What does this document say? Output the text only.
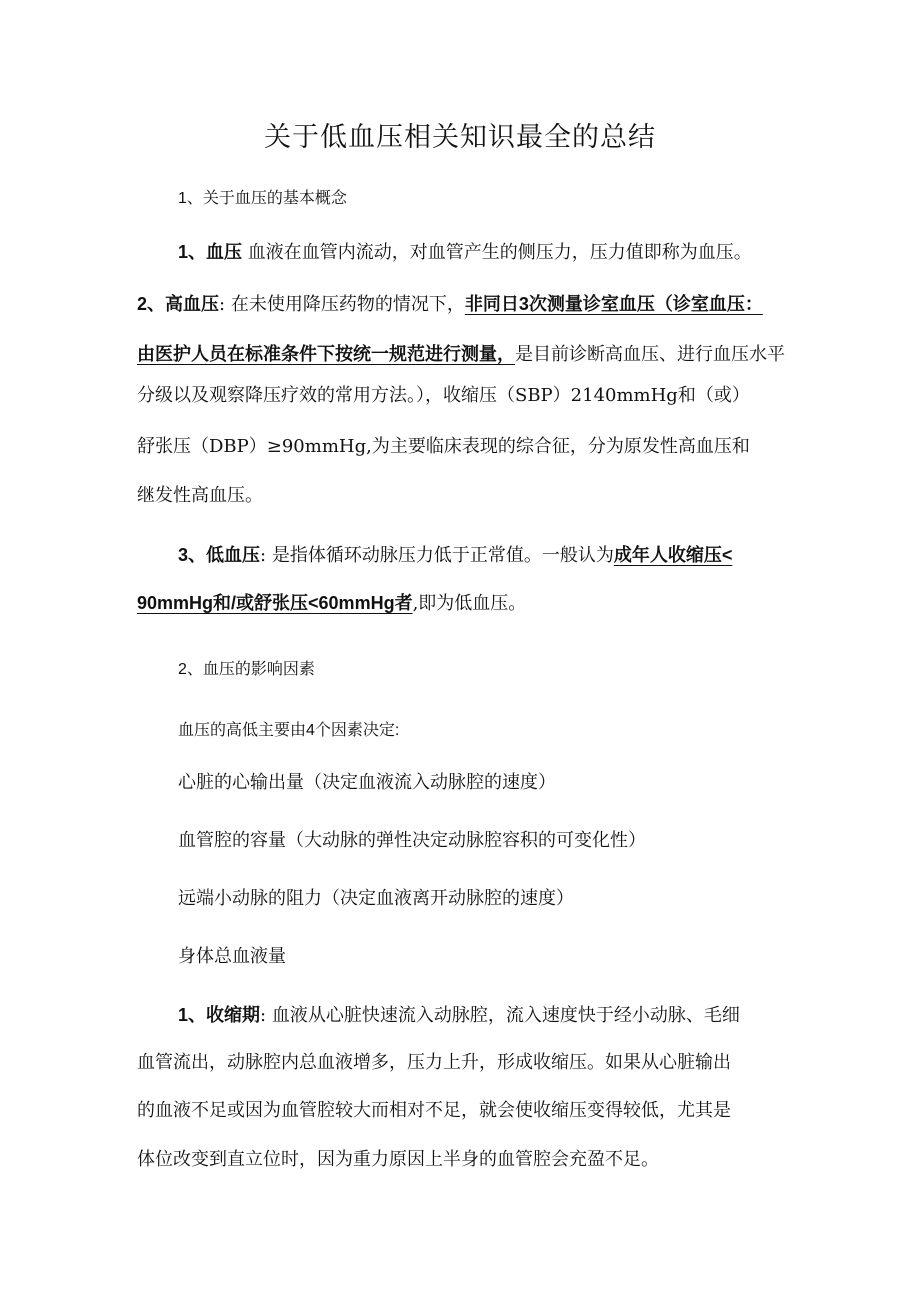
关于低血压相关知识最全的总结
1、关于血压的基本概念
1、血压 血液在血管内流动，对血管产生的侧压力，压力值即称为血压。
2、高血压: 在未使用降压药物的情况下，非同日3次测量诊室血压（诊室血压：
由医护人员在标准条件下按统一规范进行测量，是目前诊断高血压、进行血压水平
分级以及观察降压疗效的常用方法。），收缩压（SBP）2140mmHg和（或）
舒张压（DBP）≥90mmHg,为主要临床表现的综合征，分为原发性高血压和
继发性高血压。
3、低血压: 是指体循环动脉压力低于正常值。一般认为成年人收缩压<
90mmHg和/或舒张压<60mmHg者,即为低血压。
2、血压的影响因素
血压的高低主要由4个因素决定:
心脏的心输出量（决定血液流入动脉腔的速度）
血管腔的容量（大动脉的弹性决定动脉腔容积的可变化性）
远端小动脉的阻力（决定血液离开动脉腔的速度）
身体总血液量
1、收缩期: 血液从心脏快速流入动脉腔，流入速度快于经小动脉、毛细
血管流出，动脉腔内总血液增多，压力上升，形成收缩压。如果从心脏输出
的血液不足或因为血管腔较大而相对不足，就会使收缩压变得较低，尤其是
体位改变到直立位时，因为重力原因上半身的血管腔会充盈不足。
